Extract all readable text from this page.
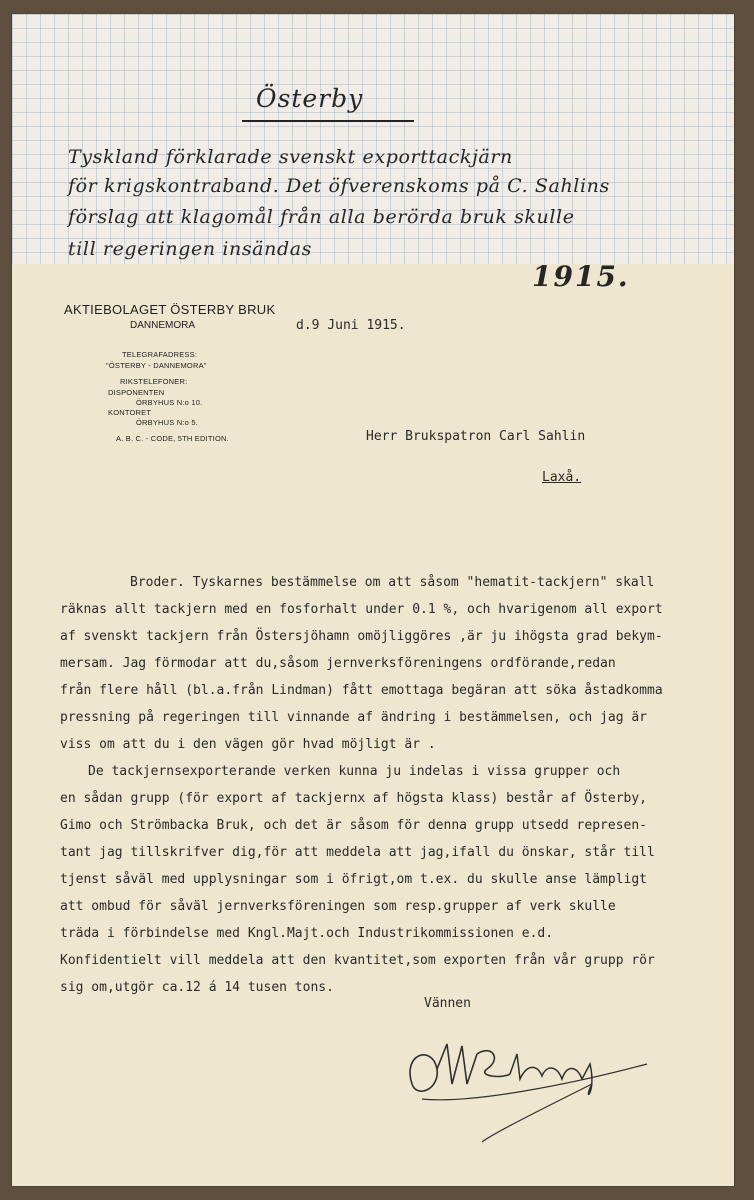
Österby
Tyskland förklarade svenskt exporttackjärn
för krigskontraband. Det öfverenskoms på C. Sahlins
förslag att klagomål från alla berörda bruk skulle
till regeringen insändas
1915.
AKTIEBOLAGET ÖSTERBY BRUK
DANNEMORA
TELEGRAFADRESS:
"ÖSTERBY - DANNEMORA"
RIKSTELEFONER:
DISPONENTEN
ÖRBYHUS N:o 10.
KONTORET
ÖRBYHUS N:o 5.
A. B. C. - CODE, 5TH EDITION.
d.9 Juni 1915.
Herr Brukspatron Carl Sahlin
Laxå.
Broder. Tyskarnes bestämmelse om att såsom "hematit-tackjern" skall
räknas allt tackjern med en fosforhalt under 0.1 %, och hvarigenom all export
af svenskt tackjern från Östersjöhamn omöjliggöres ,är ju ihögsta grad bekym-
mersam. Jag förmodar att du,såsom jernverksföreningens ordförande,redan
från flere håll (bl.a.från Lindman) fått emottaga begäran att söka åstadkomma
pressning på regeringen till vinnande af ändring i bestämmelsen, och jag är
viss om att du i den vägen gör hvad möjligt är .
De tackjernsexporterande verken kunna ju indelas i vissa grupper och
en sådan grupp (för export af tackjernx af högsta klass) består af Österby,
Gimo och Strömbacka Bruk, och det är såsom för denna grupp utsedd represen-
tant jag tillskrifver dig,för att meddela att jag,ifall du önskar, står till
tjenst såväl med upplysningar som i öfrigt,om t.ex. du skulle anse lämpligt
att ombud för såväl jernverksföreningen som resp.grupper af verk skulle
träda i förbindelse med Kngl.Majt.och Industrikommissionen e.d.
Konfidentielt vill meddela att den kvantitet,som exporten från vår grupp rör
sig om,utgör ca.12 á 14 tusen tons.
Vännen
